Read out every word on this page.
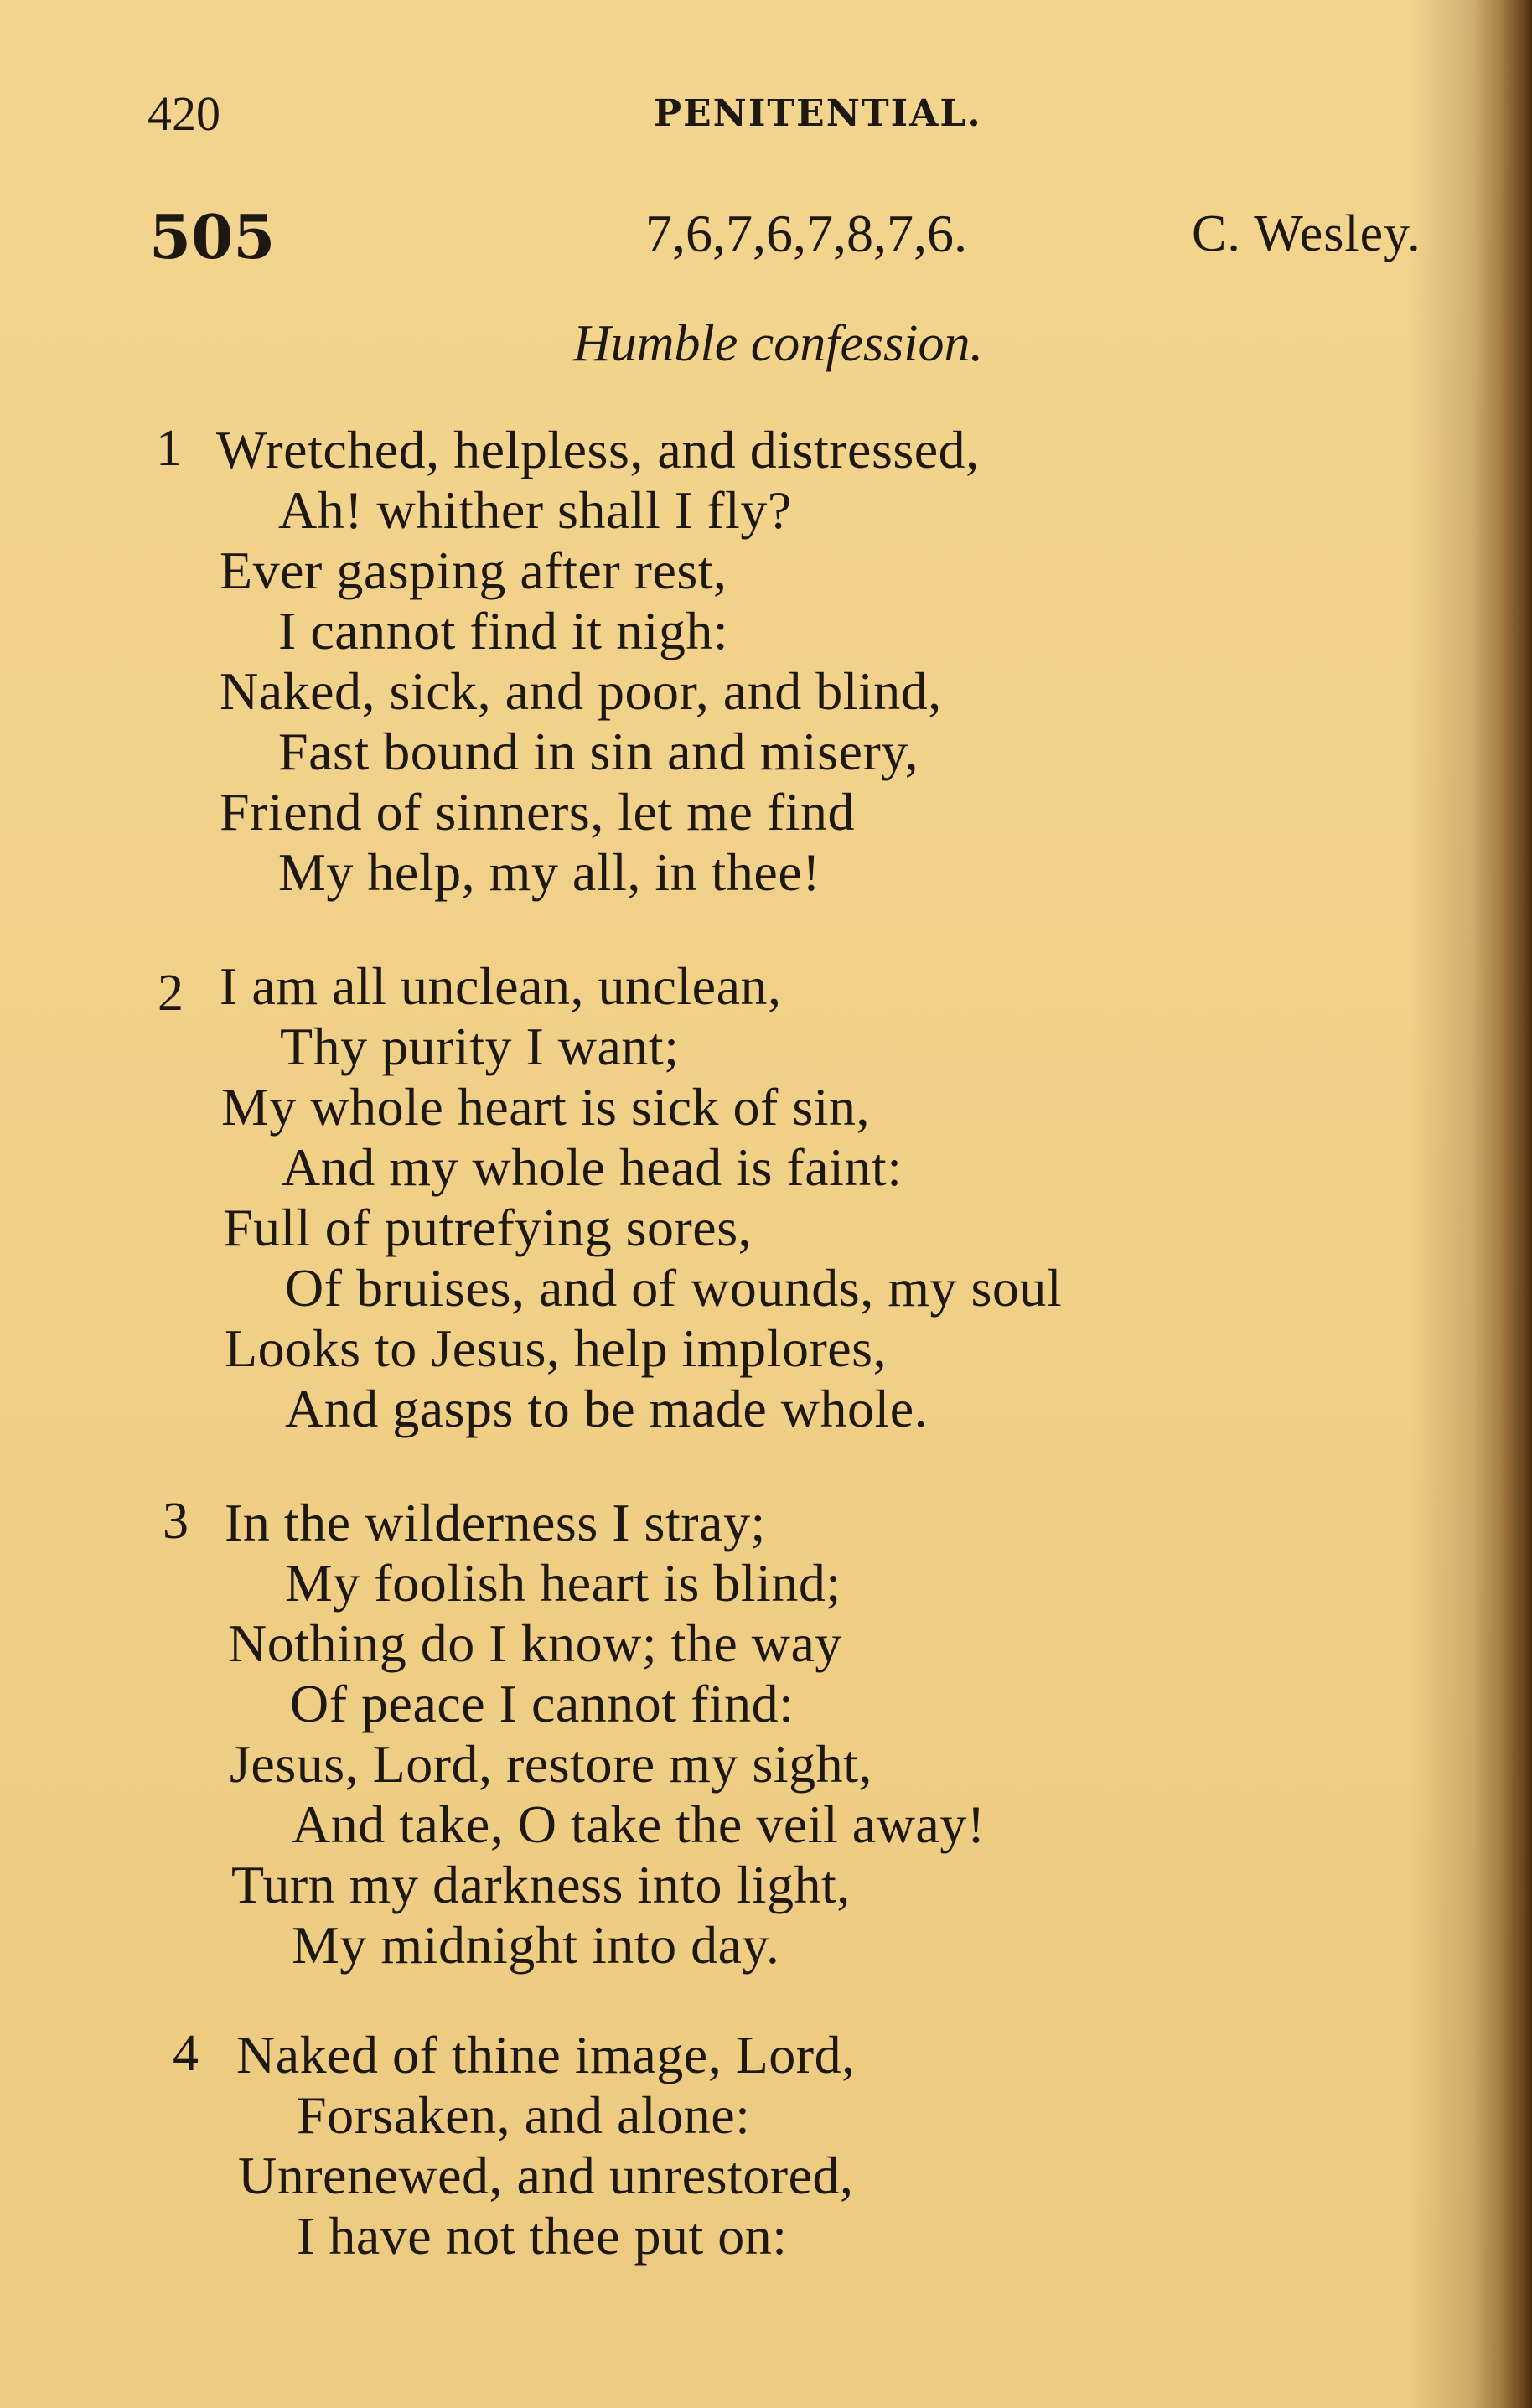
420	PENITENTIAL.
505	7,6,7,6,7,8,7,6.	C. Wesley.
Humble confession.
1 Wretched, helpless, and distressed,
Ah! whither shall I fly?
Ever gasping after rest,
I cannot find it nigh:
Naked, sick, and poor, and blind,
Fast bound in sin and misery,
Friend of sinners, let me find
My help, my all, in thee!
2 I am all unclean, unclean,
Thy purity I want;
My whole heart is sick of sin,
And my whole head is faint:
Full of putrefying sores,
Of bruises, and of wounds, my soul
Looks to Jesus, help implores,
And gasps to be made whole.
3 In the wilderness I stray;
My foolish heart is blind;
Nothing do I know; the way
Of peace I cannot find:
Jesus, Lord, restore my sight,
And take, O take the veil away!
Turn my darkness into light,
My midnight into day.
4 Naked of thine image, Lord,
Forsaken, and alone:
Unrenewed, and unrestored,
I have not thee put on:
